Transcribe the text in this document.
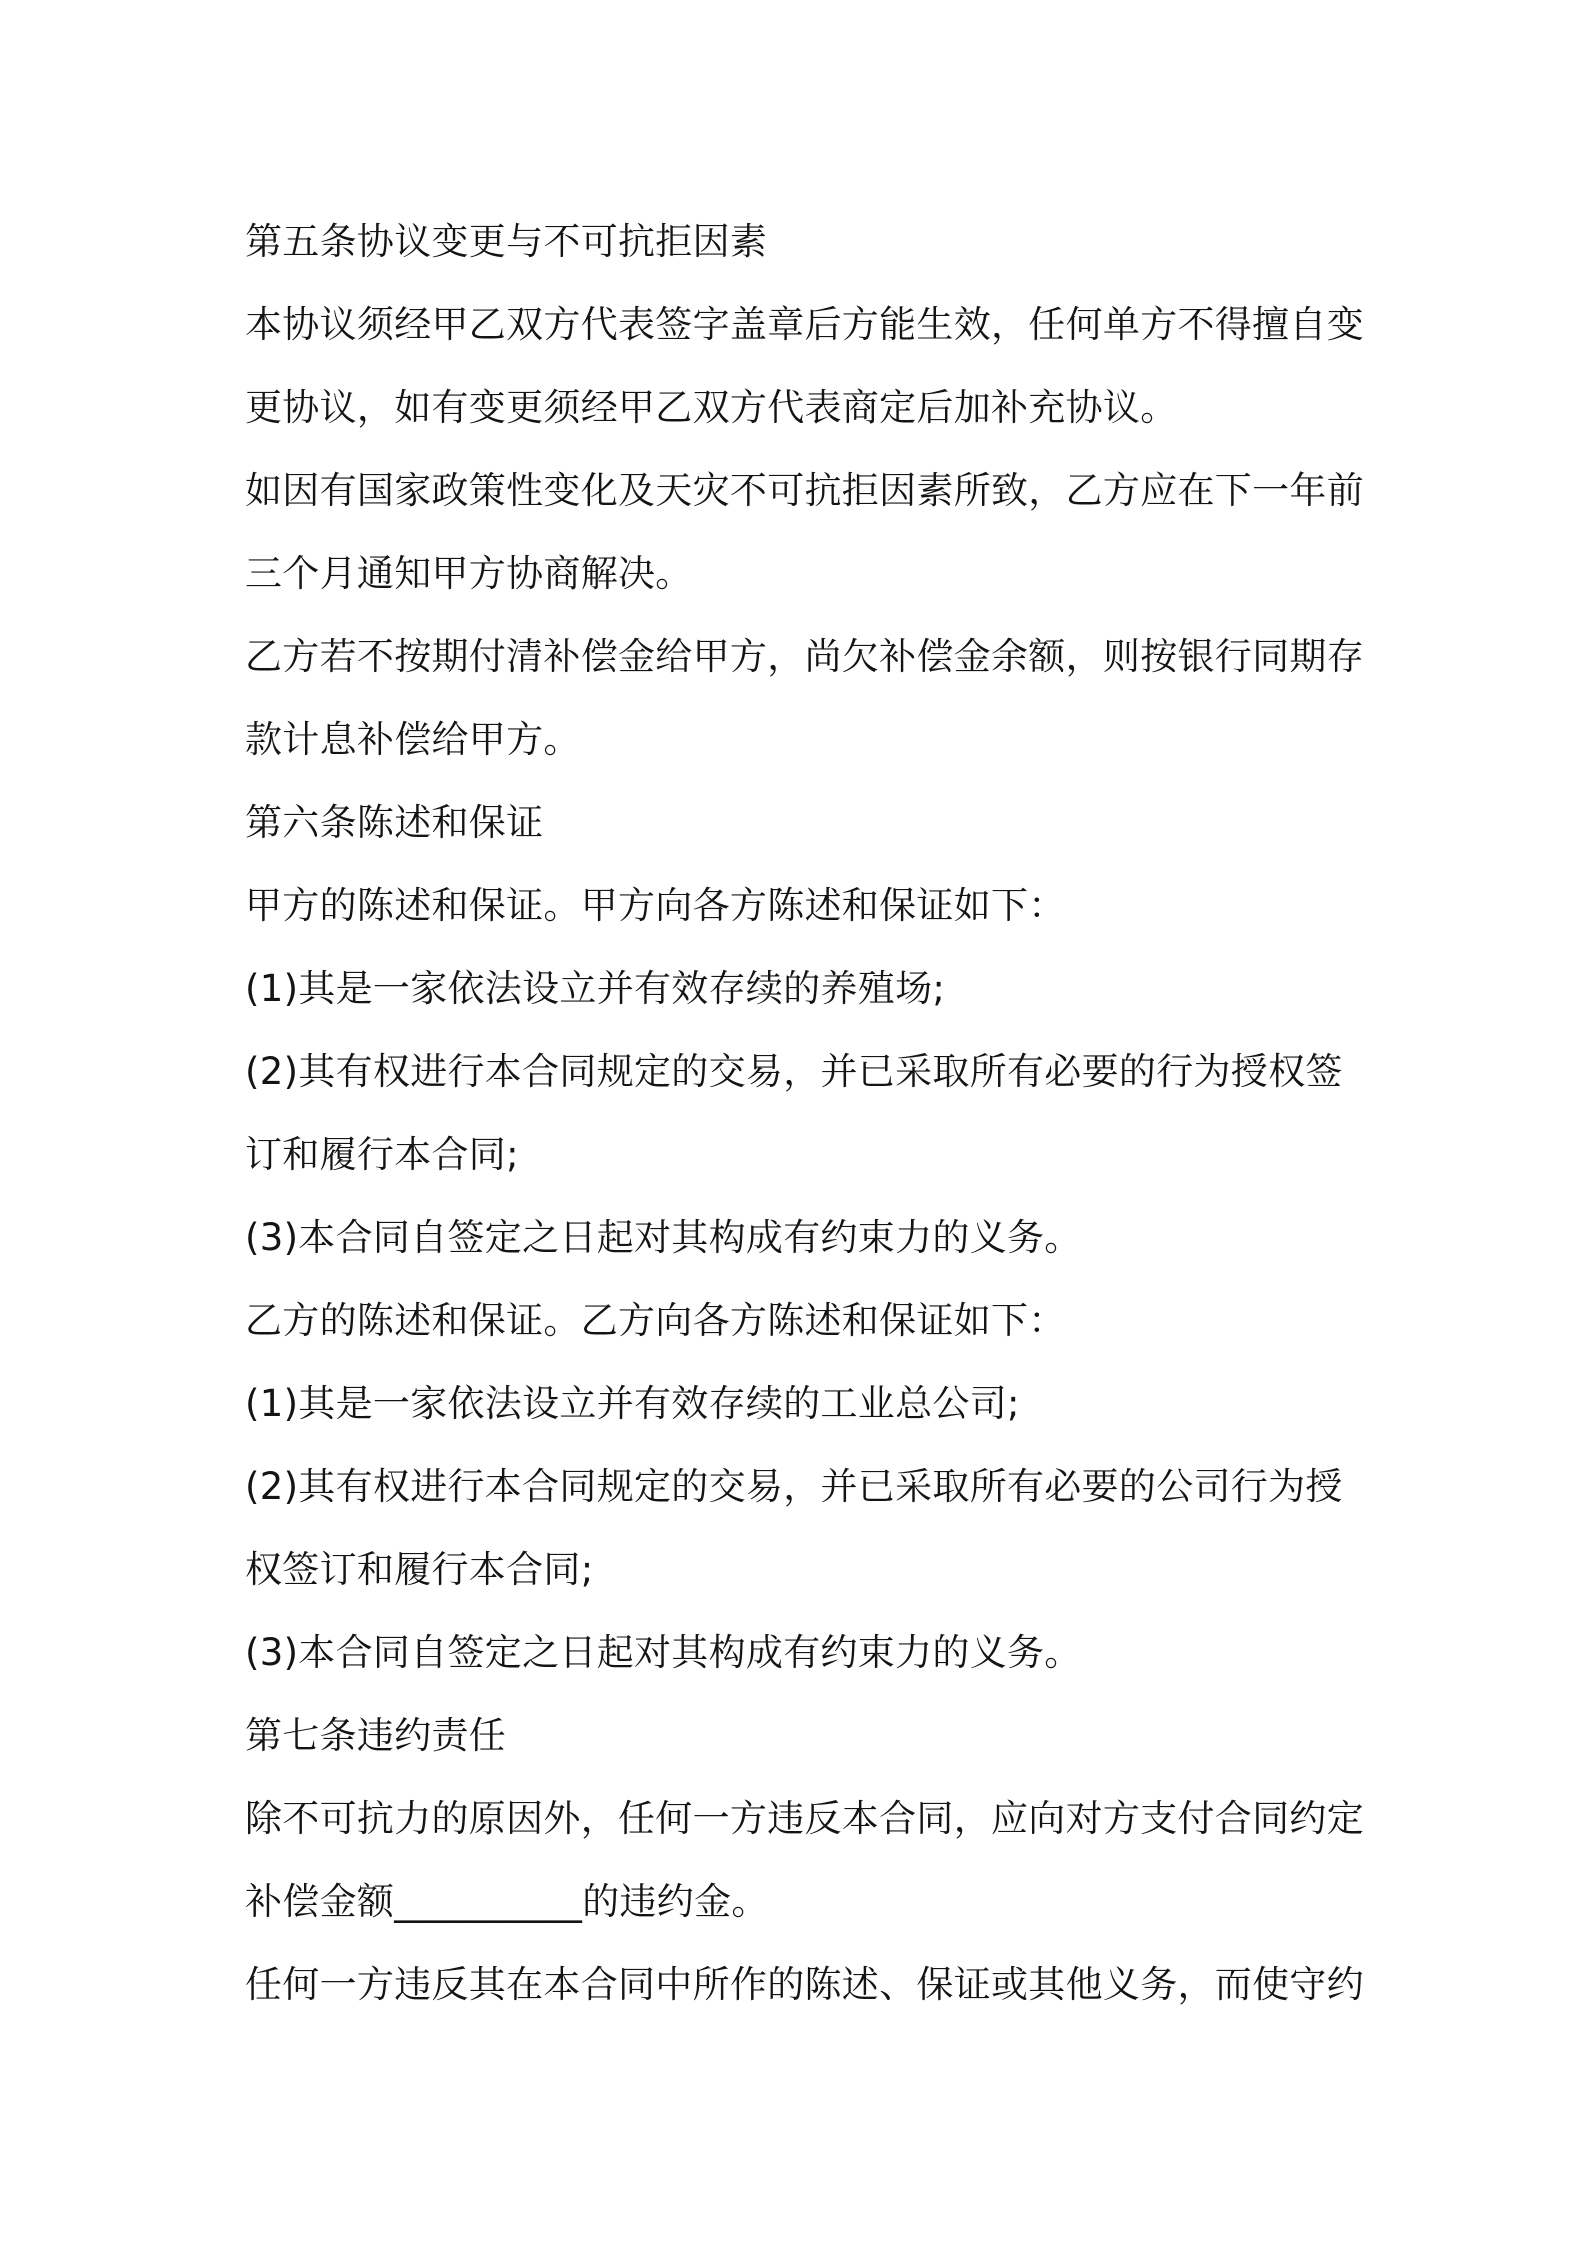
第五条协议变更与不可抗拒因素

本协议须经甲乙双方代表签字盖章后方能生效，任何单方不得擅自变

更协议，如有变更须经甲乙双方代表商定后加补充协议。

如因有国家政策性变化及天灾不可抗拒因素所致，乙方应在下一年前

三个月通知甲方协商解决。

乙方若不按期付清补偿金给甲方，尚欠补偿金余额，则按银行同期存

款计息补偿给甲方。

第六条陈述和保证

甲方的陈述和保证。甲方向各方陈述和保证如下：

(1)其是一家依法设立并有效存续的养殖场;

(2)其有权进行本合同规定的交易，并已采取所有必要的行为授权签

订和履行本合同;

(3)本合同自签定之日起对其构成有约束力的义务。

乙方的陈述和保证。乙方向各方陈述和保证如下：

(1)其是一家依法设立并有效存续的工业总公司;

(2)其有权进行本合同规定的交易，并已采取所有必要的公司行为授

权签订和履行本合同;

(3)本合同自签定之日起对其构成有约束力的义务。

第七条违约责任

除不可抗力的原因外，任何一方违反本合同，应向对方支付合同约定

补偿金额__________的违约金。

任何一方违反其在本合同中所作的陈述、保证或其他义务，而使守约
